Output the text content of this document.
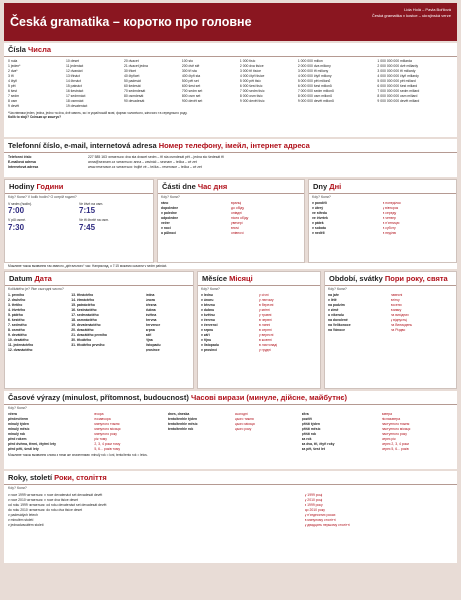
Česká gramatika – коротко про головне
Lida Holá – Pavla Bořilová
Česká gramatika v kostce – ukrajinská verze
Čísla Числа
0 nula
1 jeden*
2 dva*
3 tři
4 čtyři
5 pět
6 šest
7 sedm
8 osm
9 devět
10 deset
11 jedenáct
12 dvanáct
13 třináct
14 čtrnáct
15 patnáct
16 šestnáct
17 sedmnáct
18 osmnáct
19 devatenáct
20 dvacet
21 dvacet jedna
30 třicet
40 čtyřicet
50 padesát
60 šedesát
70 sedmdesát
80 osmdesát
90 devadesát
100 sto
200 dvě stě
300 tři sta
400 čtyři sta
500 pět set
600 šest set
700 sedm set
800 osm set
900 devět set
1 000 tisíc
2 000 dva tisíce
3 000 tři tisíce
4 000 čtyři tisíce
5 000 pět tisíc
6 000 šest tisíc
7 000 sedm tisíc
8 000 osm tisíc
9 000 devět tisíc
1 000 000 milion
2 000 000 dva miliony
3 000 000 tři miliony
4 000 000 čtyři miliony
5 000 000 pět milionů
6 000 000 šest milionů
7 000 000 sedm milionů
8 000 000 osm milionů
9 000 000 devět milionů
1 000 000 000 miliarda
2 000 000 000 dvě miliardy
3 000 000 000 tři miliardy
4 000 000 000 čtyři miliardy
5 000 000 000 pět miliard
6 000 000 000 šest miliard
7 000 000 000 sedm miliard
8 000 000 000 osm miliard
9 000 000 000 devět miliard
*Числівники jeden, jedna, jedno та dva, dvě мають, як і в українській мові, форми чоловічого, жіночого та середнього роду.
Kolik to stojí? Скільки це коштує?
Telefonní číslo, e-mail, internetová adresa Номер телефону, імейл, інтернет адреса
Telefonní číslo
E-mailová adresa
Internetová adresa
227 585 163 читається: dva sta dvacet sedm – tři sta osmdesát pět – jedna sto šedesát tři
anna@seznam.cz читається: anna – zavináč – seznam – tečka – cé zet
www.reservace.cz читається: trojité vé – tečka – reservace – tečka – cé zet
Hodiny Години
Kdy? Коли? V kolik hodin? О котрій годині?
V sedm (hodin).
7:00
Ve čtvrt na osm.
7:15
V půl osmé.
7:30
Ve tři čtvrtě na osm.
7:45
Části dne Час дня
Kdy? Коли?
ráno
dopoledne
v poledne
odpoledne
večer
v noci
o půlnoci
вранці
до обіду
опівдні
після обіду
увечері
вночі
опівночі
Dny Дні
Kdy? Коли?
v pondělí
v úterý
ve středu
ve čtvrtek
v pátek
v sobotu
v neděli
в понеділок
у вівторок
в середу
в четвер
в п'ятницю
в суботу
в неділю
Можливе також вживання так званого „дігітального“ час: Наприклад, о 7:15 можемо сказати v sedm patnáct.
Datum Дата
Kolikátého je? Яке сьогодні число?
1. prvního
2. druhého
3. třetího
4. čtvrtého
5. pátého
6. šestého
7. sedmého
8. osmého
9. devátého
10. desátého
11. jedenáctého
12. dvanáctého
13. třináctého
14. čtrnáctého
15. patnáctého
16. šestnáctého
17. sedmnáctého
18. osmnáctého
19. devatenáctého
20. dvacátého
21. dvacátého prvního
30. třicátého
31. třicátého prvního
ledna
února
března
dubna
května
června
července
srpna
září
října
listopadu
prosince
Měsíce Місяці
Kdy? Коли?
v lednu
v únoru
v březnu
v dubnu
v květnu
v červnu
v červenci
v srpnu
v září
v říjnu
v listopadu
v prosinci
у січні
у лютому
в березні
у квітні
у травні
в червні
в липні
в серпні
у вересні
в жовтні
в листопаді
у грудні
Období, svátky Пори року, свята
Kdy? Коли?
na jaře
v létě
na podzim
v zimě
o víkendu
na dovolené
na Velikonoce
na Vánoce
навесні
влітку
восени
взимку
на вихідних
у відпустці
на Великдень
на Різдво
Časové výrazy (minulost, přítomnost, budoucnost) Часові вирази (минуле, дійсне, майбутнє)
Kdy? Коли?
včera
předevčírem
minulý týden
minulý měsíc
minulý rok
před rokem
před dvěma, třemi, čtyřmi lety
před pěti, šesti lety
вчора
позавчора
минулого тижня
минулого місяця
минулого року
рік тому
2, 3, 4 роки тому
5, 6... років тому
dnes, dneska
tento/tenhle týden
tento/tenhle měsíc
tento/tenhle rok
сьогодні
цього тижня
цього місяця
цього року
zítra
pozítří
příští týden
příští měsíc
příští rok
za rok
za dva, tři, čtyři roky
za pět, šest let
завтра
післязавтра
наступного тижня
наступного місяця
наступного року
через рік
через 2, 3, 4 роки
через 5, 6... років
Можливе також вживання слова з тими же значеннями: minulý rok = loni, tento/tento rok = letos.
Roky, století Роки, століття
Kdy? Коли?
v roce 1999 читається: v roce devatenáct set devadesát devět
v roce 2010 читається: v roce dva tisíce deset
od roku 1999 читається: od roku devatenáct set devadesát devět
do roku 2010 читається: do roku dva tisíce deset
v padesátých letech
v minulém století
v jednadvacátém století
у 1999 році
у 2010 році
з 1999 року
до 2010 року
у п'ятдесятих роках
в минулому столітті
у двадцять першому столітті
